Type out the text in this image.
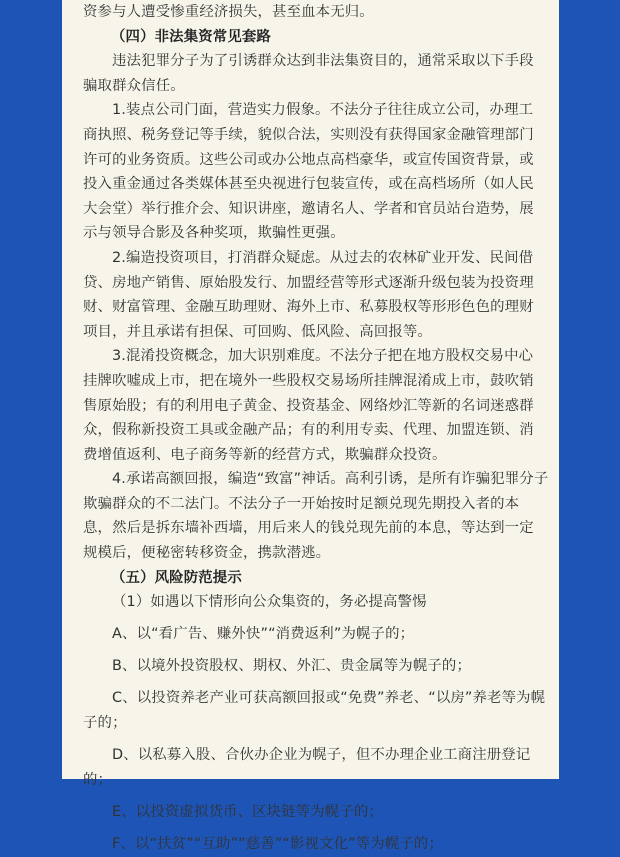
资参与人遭受惨重经济损失，甚至血本无归。
（四）非法集资常见套路
违法犯罪分子为了引诱群众达到非法集资目的，通常采取以下手段
骗取群众信任。
1.装点公司门面，营造实力假象。不法分子往往成立公司，办理工
商执照、税务登记等手续，貌似合法，实则没有获得国家金融管理部门
许可的业务资质。这些公司或办公地点高档豪华，或宣传国资背景，或
投入重金通过各类媒体甚至央视进行包装宣传，或在高档场所（如人民
大会堂）举行推介会、知识讲座，邀请名人、学者和官员站台造势，展
示与领导合影及各种奖项，欺骗性更强。
2.编造投资项目，打消群众疑虑。从过去的农林矿业开发、民间借
贷、房地产销售、原始股发行、加盟经营等形式逐渐升级包装为投资理
财、财富管理、金融互助理财、海外上市、私募股权等形形色色的理财
项目，并且承诺有担保、可回购、低风险、高回报等。
3.混淆投资概念，加大识别难度。不法分子把在地方股权交易中心
挂牌吹嘘成上市，把在境外一些股权交易场所挂牌混淆成上市，鼓吹销
售原始股；有的利用电子黄金、投资基金、网络炒汇等新的名词迷惑群
众，假称新投资工具或金融产品；有的利用专卖、代理、加盟连锁、消
费增值返利、电子商务等新的经营方式，欺骗群众投资。
4.承诺高额回报，编造“致富”神话。高利引诱，是所有诈骗犯罪分子
欺骗群众的不二法门。不法分子一开始按时足额兑现先期投入者的本
息，然后是拆东墙补西墙，用后来人的钱兑现先前的本息，等达到一定
规模后，便秘密转移资金，携款潜逃。
（五）风险防范提示
（1）如遇以下情形向公众集资的，务必提高警惕
A、以“看广告、赚外快”“消费返利”为幌子的；
B、以境外投资股权、期权、外汇、贵金属等为幌子的；
C、以投资养老产业可获高额回报或“免费”养老、“以房”养老等为幌
子的；
D、以私募入股、合伙办企业为幌子，但不办理企业工商注册登记
的；
E、以投资虚拟货币、区块链等为幌子的；
F、以“扶贫”“互助”“慈善”“影视文化”等为幌子的；
